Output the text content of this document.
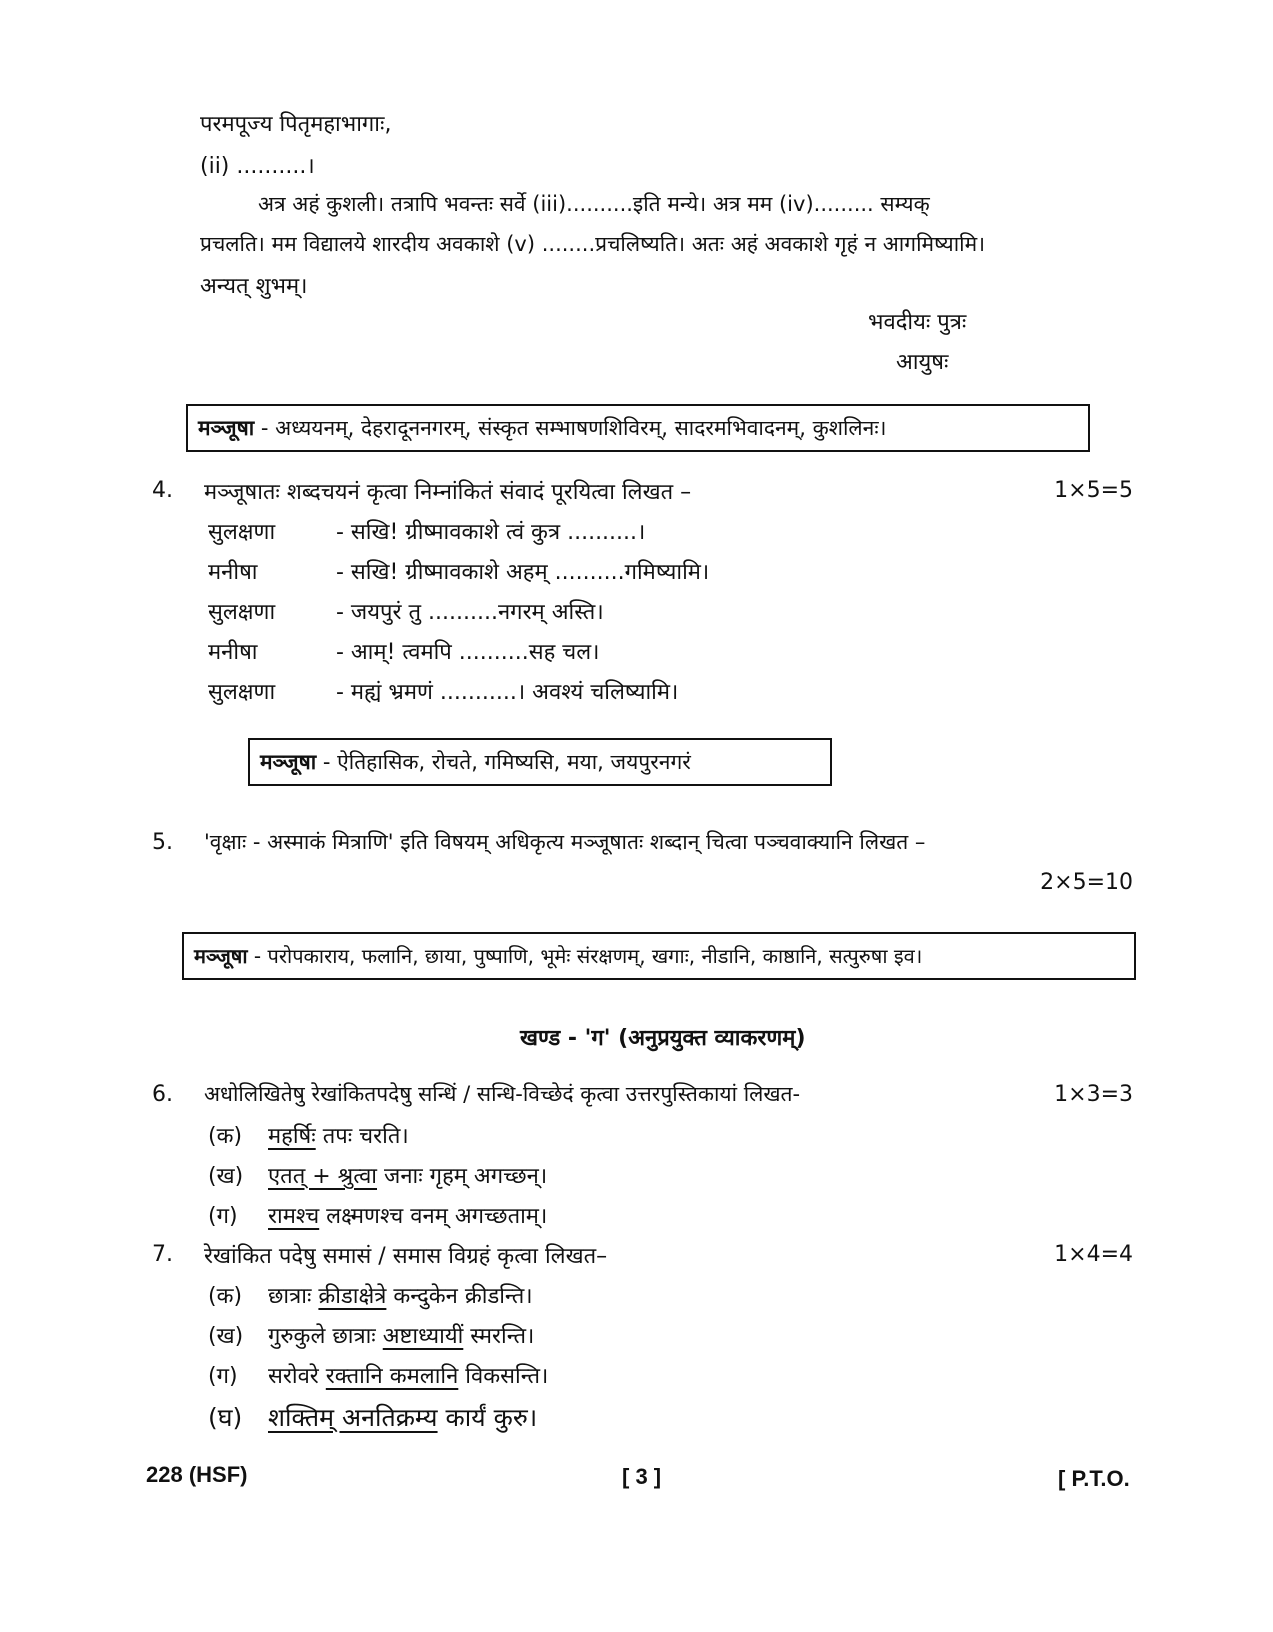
परमपूज्य पितृमहाभागाः,
(ii) ..........।
अत्र अहं कुशली। तत्रापि भवन्तः सर्वे (iii)..........इति मन्ये। अत्र मम (iv)......... सम्यक्
प्रचलति। मम विद्यालये शारदीय अवकाशे (v) ........प्रचलिष्यति। अतः अहं अवकाशे गृहं न आगमिष्यामि।
अन्यत् शुभम्।
भवदीयः पुत्रः
आयुषः
मञ्जूषा - अध्ययनम्, देहरादूननगरम्, संस्कृत सम्भाषणशिविरम्, सादरमभिवादनम्, कुशलिनः।
4. मञ्जूषातः शब्दचयनं कृत्वा निम्नांकितं संवादं पूरयित्वा लिखत –	1×5=5
सुलक्षणा	- सखि! ग्रीष्मावकाशे त्वं कुत्र ..........।
मनीषा	- सखि! ग्रीष्मावकाशे अहम् ..........गमिष्यामि।
सुलक्षणा	- जयपुरं तु ..........नगरम् अस्ति।
मनीषा	- आम्! त्वमपि ..........सह चल।
सुलक्षणा	- मह्यं भ्रमणं ...........। अवश्यं चलिष्यामि।
मञ्जूषा - ऐतिहासिक, रोचते, गमिष्यसि, मया, जयपुरनगरं
5. 'वृक्षाः - अस्माकं मित्राणि' इति विषयम् अधिकृत्य मञ्जूषातः शब्दान् चित्वा पञ्चवाक्यानि लिखत –
2×5=10
मञ्जूषा - परोपकाराय, फलानि, छाया, पुष्पाणि, भूमेः संरक्षणम्, खगाः, नीडानि, काष्ठानि, सत्पुरुषा इव।
खण्ड - 'ग' (अनुप्रयुक्त व्याकरणम्)
6. अधोलिखितेषु रेखांकितपदेषु सन्धिं / सन्धि-विच्छेदं कृत्वा उत्तरपुस्तिकायां लिखत-	1×3=3
(क) महर्षिः तपः चरति।
(ख) एतत् + श्रुत्वा जनाः गृहम् अगच्छन्।
(ग) रामश्च लक्ष्मणश्च वनम् अगच्छताम्।
7. रेखांकित पदेषु समासं / समास विग्रहं कृत्वा लिखत–	1×4=4
(क) छात्राः क्रीडाक्षेत्रे कन्दुकेन क्रीडन्ति।
(ख) गुरुकुले छात्राः अष्टाध्यायीं स्मरन्ति।
(ग) सरोवरे रक्तानि कमलानि विकसन्ति।
(घ) शक्तिम् अनतिक्रम्य कार्यं कुरु।
228 (HSF)	[ 3 ]	[ P.T.O.
